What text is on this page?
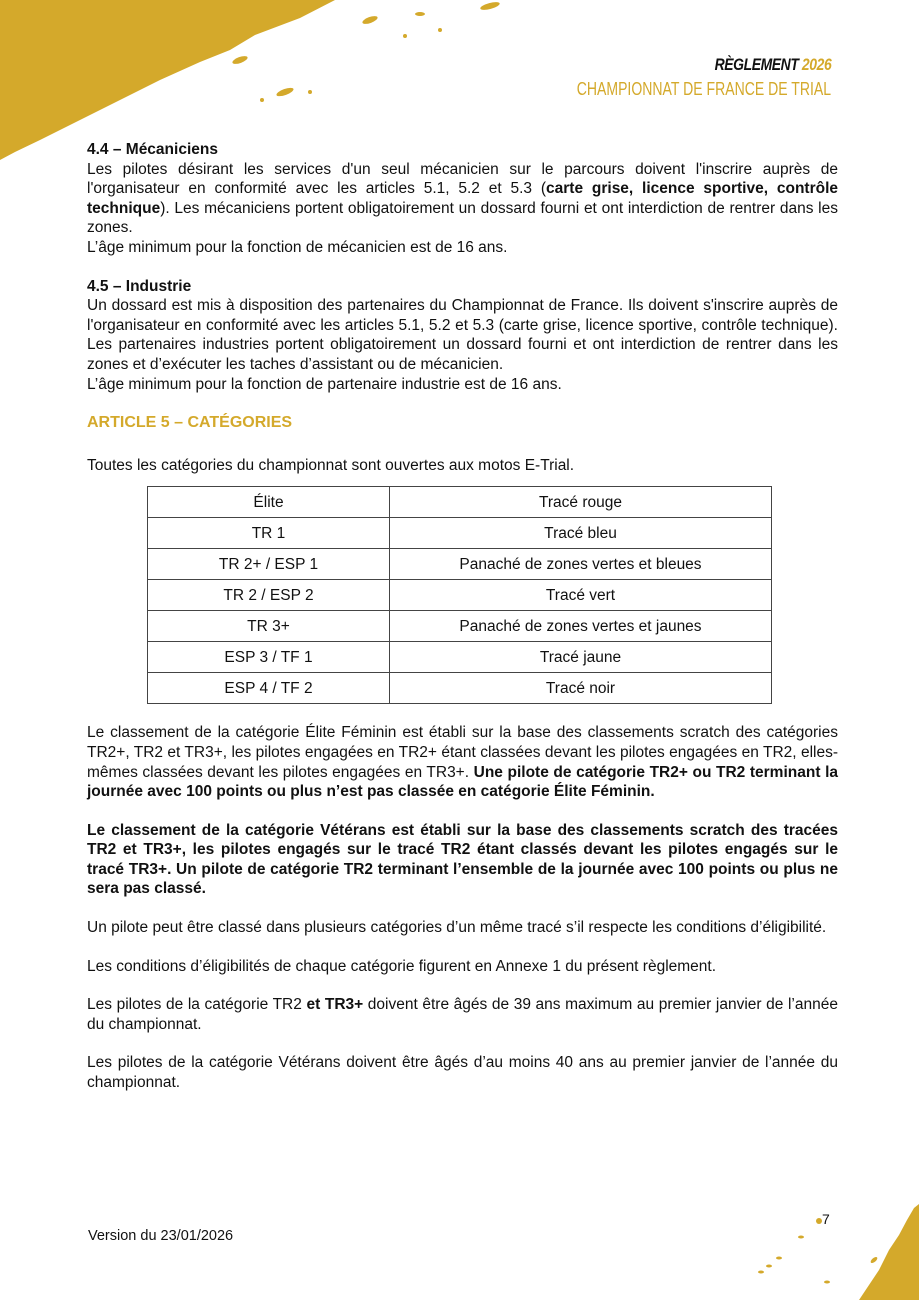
RÈGLEMENT 2026
CHAMPIONNAT DE FRANCE DE TRIAL

4.4 – Mécaniciens

Les pilotes désirant les services d'un seul mécanicien sur le parcours doivent l'inscrire auprès de l'organisateur en conformité avec les articles 5.1, 5.2 et 5.3 (carte grise, licence sportive, contrôle technique). Les mécaniciens portent obligatoirement un dossard fourni et ont interdiction de rentrer dans les zones.

L’âge minimum pour la fonction de mécanicien est de 16 ans.

4.5 – Industrie

Un dossard est mis à disposition des partenaires du Championnat de France. Ils doivent s'inscrire auprès de l'organisateur en conformité avec les articles 5.1, 5.2 et 5.3 (carte grise, licence sportive, contrôle technique). Les partenaires industries portent obligatoirement un dossard fourni et ont interdiction de rentrer dans les zones et d’exécuter les taches d’assistant ou de mécanicien.

L’âge minimum pour la fonction de partenaire industrie est de 16 ans.

ARTICLE 5 – CATÉGORIES

Toutes les catégories du championnat sont ouvertes aux motos E-Trial.

Élite	Tracé rouge
TR 1	Tracé bleu
TR 2+ / ESP 1	Panaché de zones vertes et bleues
TR 2 / ESP 2	Tracé vert
TR 3+	Panaché de zones vertes et jaunes
ESP 3 / TF 1	Tracé jaune
ESP 4 / TF 2	Tracé noir

Le classement de la catégorie Élite Féminin est établi sur la base des classements scratch des catégories TR2+, TR2 et TR3+, les pilotes engagées en TR2+ étant classées devant les pilotes engagées en TR2, elles-mêmes classées devant les pilotes engagées en TR3+. Une pilote de catégorie TR2+ ou TR2 terminant la journée avec 100 points ou plus n’est pas classée en catégorie Élite Féminin.

Le classement de la catégorie Vétérans est établi sur la base des classements scratch des tracées TR2 et TR3+, les pilotes engagés sur le tracé TR2 étant classés devant les pilotes engagés sur le tracé TR3+. Un pilote de catégorie TR2 terminant l’ensemble de la journée avec 100 points ou plus ne sera pas classé.

Un pilote peut être classé dans plusieurs catégories d’un même tracé s’il respecte les conditions d’éligibilité.

Les conditions d’éligibilités de chaque catégorie figurent en Annexe 1 du présent règlement.

Les pilotes de la catégorie TR2 et TR3+ doivent être âgés de 39 ans maximum au premier janvier de l’année du championnat.

Les pilotes de la catégorie Vétérans doivent être âgés d’au moins 40 ans au premier janvier de l’année du championnat.

7
Version du 23/01/2026
